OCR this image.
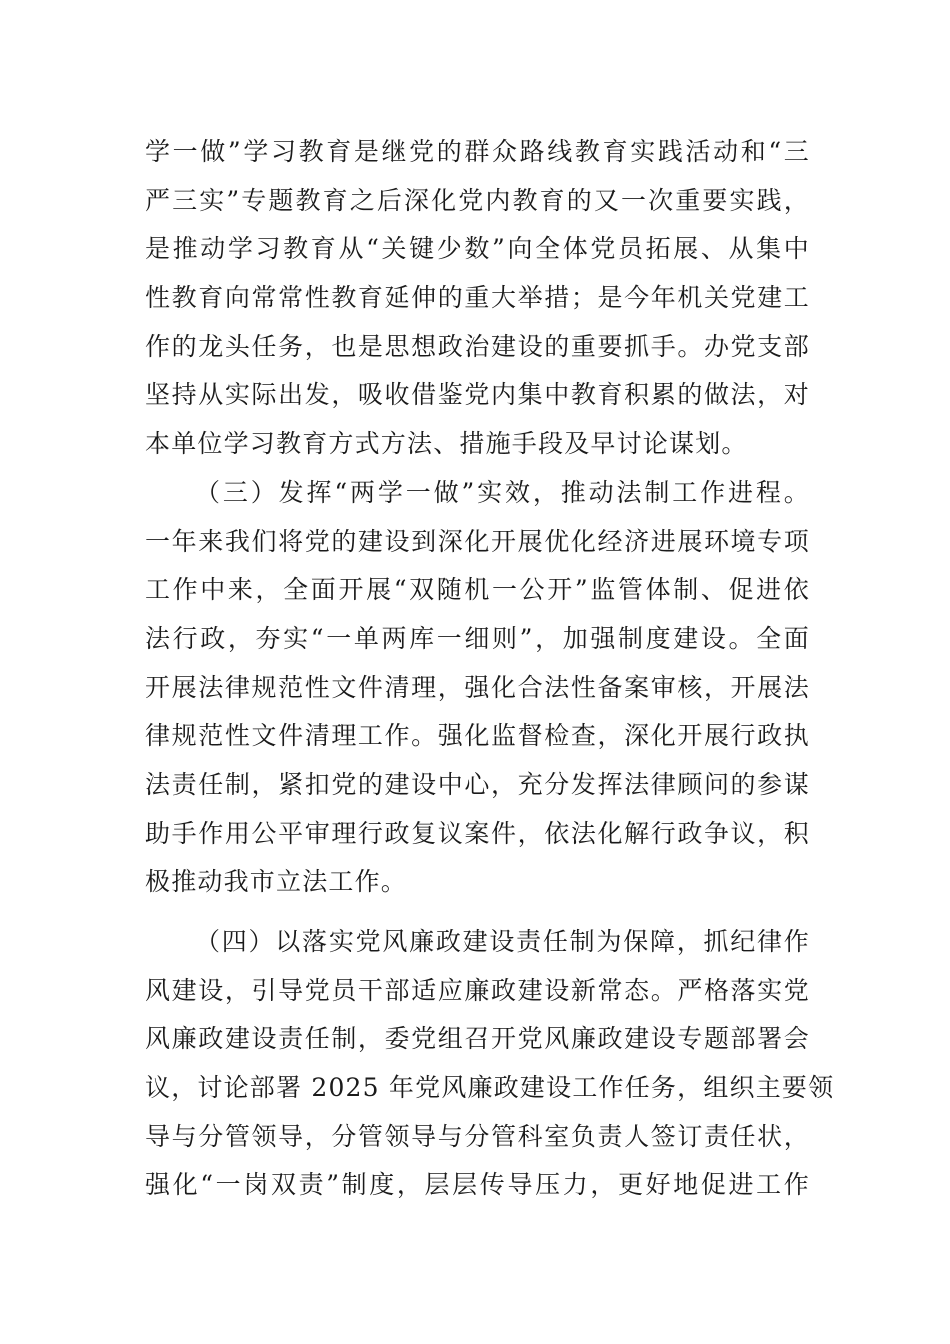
学一做”学习教育是继党的群众路线教育实践活动和“三
严三实”专题教育之后深化党内教育的又一次重要实践，
是推动学习教育从“关键少数”向全体党员拓展、从集中
性教育向常常性教育延伸的重大举措；是今年机关党建工
作的龙头任务，也是思想政治建设的重要抓手。办党支部
坚持从实际出发，吸收借鉴党内集中教育积累的做法，对
本单位学习教育方式方法、措施手段及早讨论谋划。
（三）发挥“两学一做”实效，推动法制工作进程。
一年来我们将党的建设到深化开展优化经济进展环境专项
工作中来，全面开展“双随机一公开”监管体制、促进依
法行政，夯实“一单两库一细则”，加强制度建设。全面
开展法律规范性文件清理，强化合法性备案审核，开展法
律规范性文件清理工作。强化监督检查，深化开展行政执
法责任制，紧扣党的建设中心，充分发挥法律顾问的参谋
助手作用公平审理行政复议案件，依法化解行政争议，积
极推动我市立法工作。
（四）以落实党风廉政建设责任制为保障，抓纪律作
风建设，引导党员干部适应廉政建设新常态。严格落实党
风廉政建设责任制，委党组召开党风廉政建设专题部署会
议，讨论部署 2025 年党风廉政建设工作任务，组织主要领
导与分管领导，分管领导与分管科室负责人签订责任状，
强化“一岗双责”制度，层层传导压力，更好地促进工作
